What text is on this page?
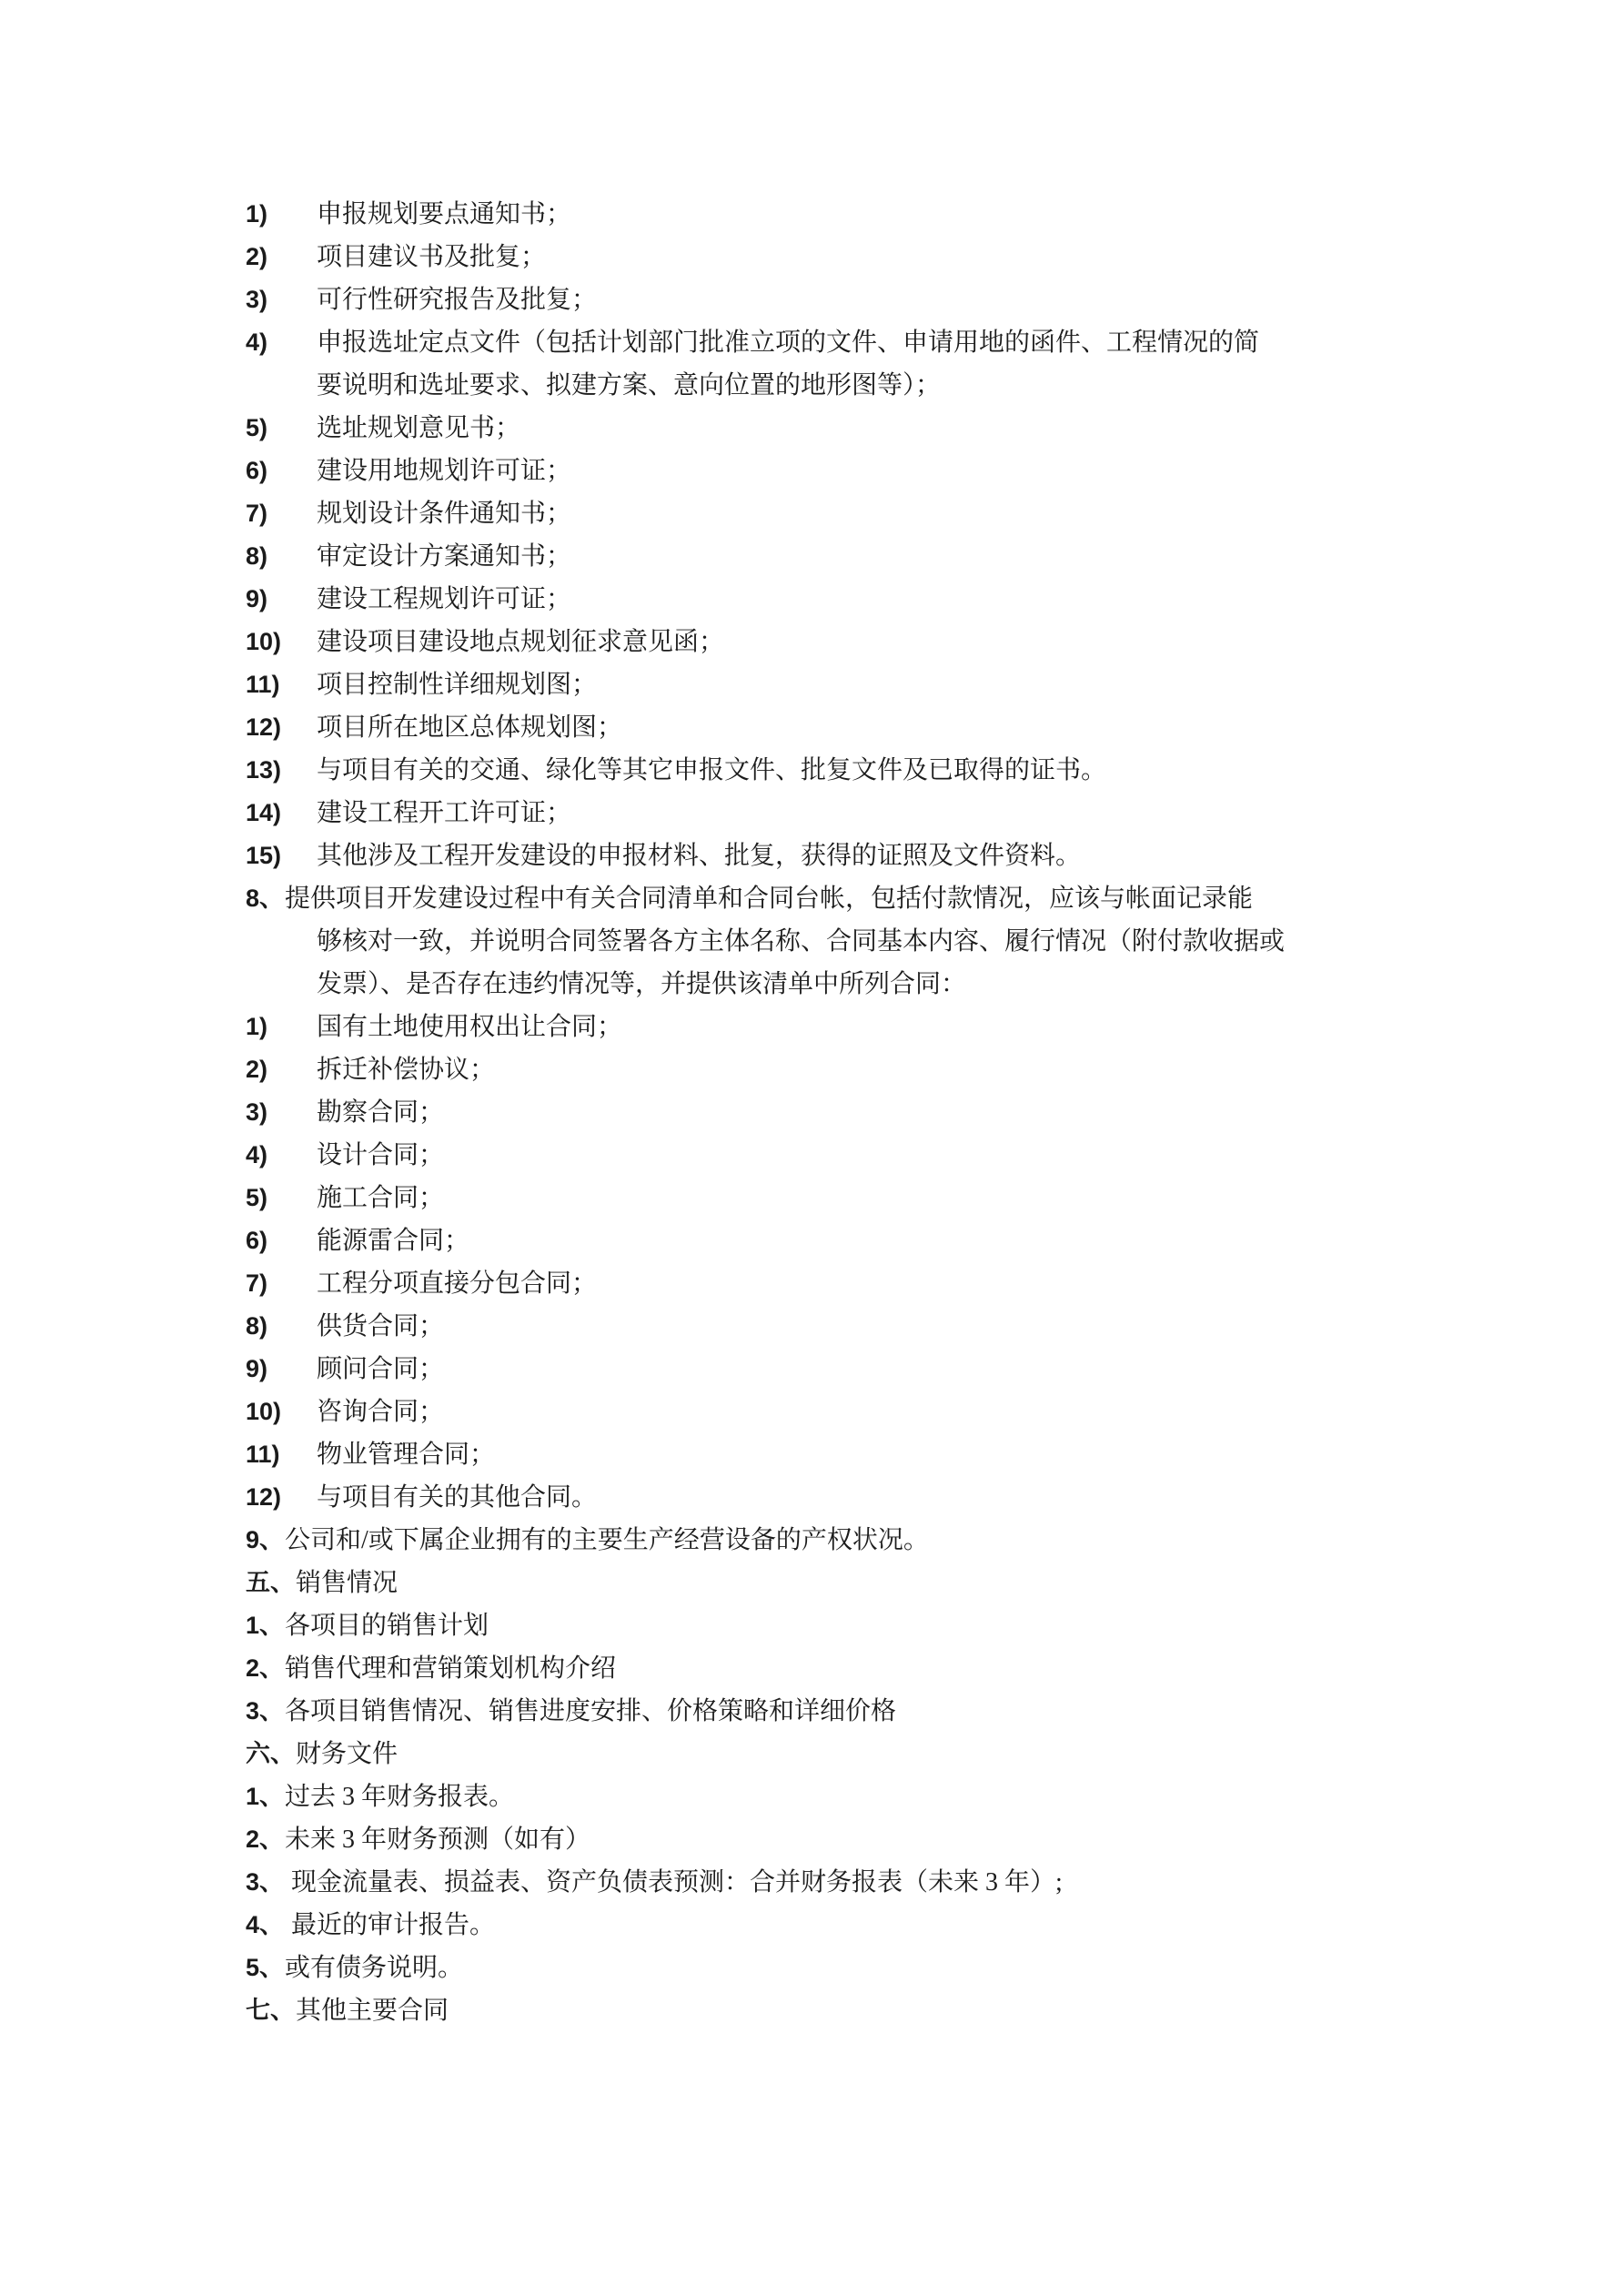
1)	申报规划要点通知书；
2)	项目建议书及批复；
3)	可行性研究报告及批复；
4)	申报选址定点文件（包括计划部门批准立项的文件、申请用地的函件、工程情况的简
要说明和选址要求、拟建方案、意向位置的地形图等）；
5)	选址规划意见书；
6)	建设用地规划许可证；
7)	规划设计条件通知书；
8)	审定设计方案通知书；
9)	建设工程规划许可证；
10)	建设项目建设地点规划征求意见函；
11)	项目控制性详细规划图；
12)	项目所在地区总体规划图；
13)	与项目有关的交通、绿化等其它申报文件、批复文件及已取得的证书。
14)	建设工程开工许可证；
15)	其他涉及工程开发建设的申报材料、批复，获得的证照及文件资料。
8、提供项目开发建设过程中有关合同清单和合同台帐，包括付款情况，应该与帐面记录能
够核对一致，并说明合同签署各方主体名称、合同基本内容、履行情况（附付款收据或
发票）、是否存在违约情况等，并提供该清单中所列合同：
1)	国有土地使用权出让合同；
2)	拆迁补偿协议；
3)	勘察合同；
4)	设计合同；
5)	施工合同；
6)	能源雷合同；
7)	工程分项直接分包合同；
8)	供货合同；
9)	顾问合同；
10)	咨询合同；
11)	物业管理合同；
12)	与项目有关的其他合同。
9、公司和/或下属企业拥有的主要生产经营设备的产权状况。
五、销售情况
1、各项目的销售计划
2、销售代理和营销策划机构介绍
3、各项目销售情况、销售进度安排、价格策略和详细价格
六、财务文件
1、过去 3 年财务报表。
2、未来 3 年财务预测（如有）
3、 现金流量表、损益表、资产负债表预测：合并财务报表（未来 3 年）;
4、 最近的审计报告。
5、或有债务说明。
七、其他主要合同
